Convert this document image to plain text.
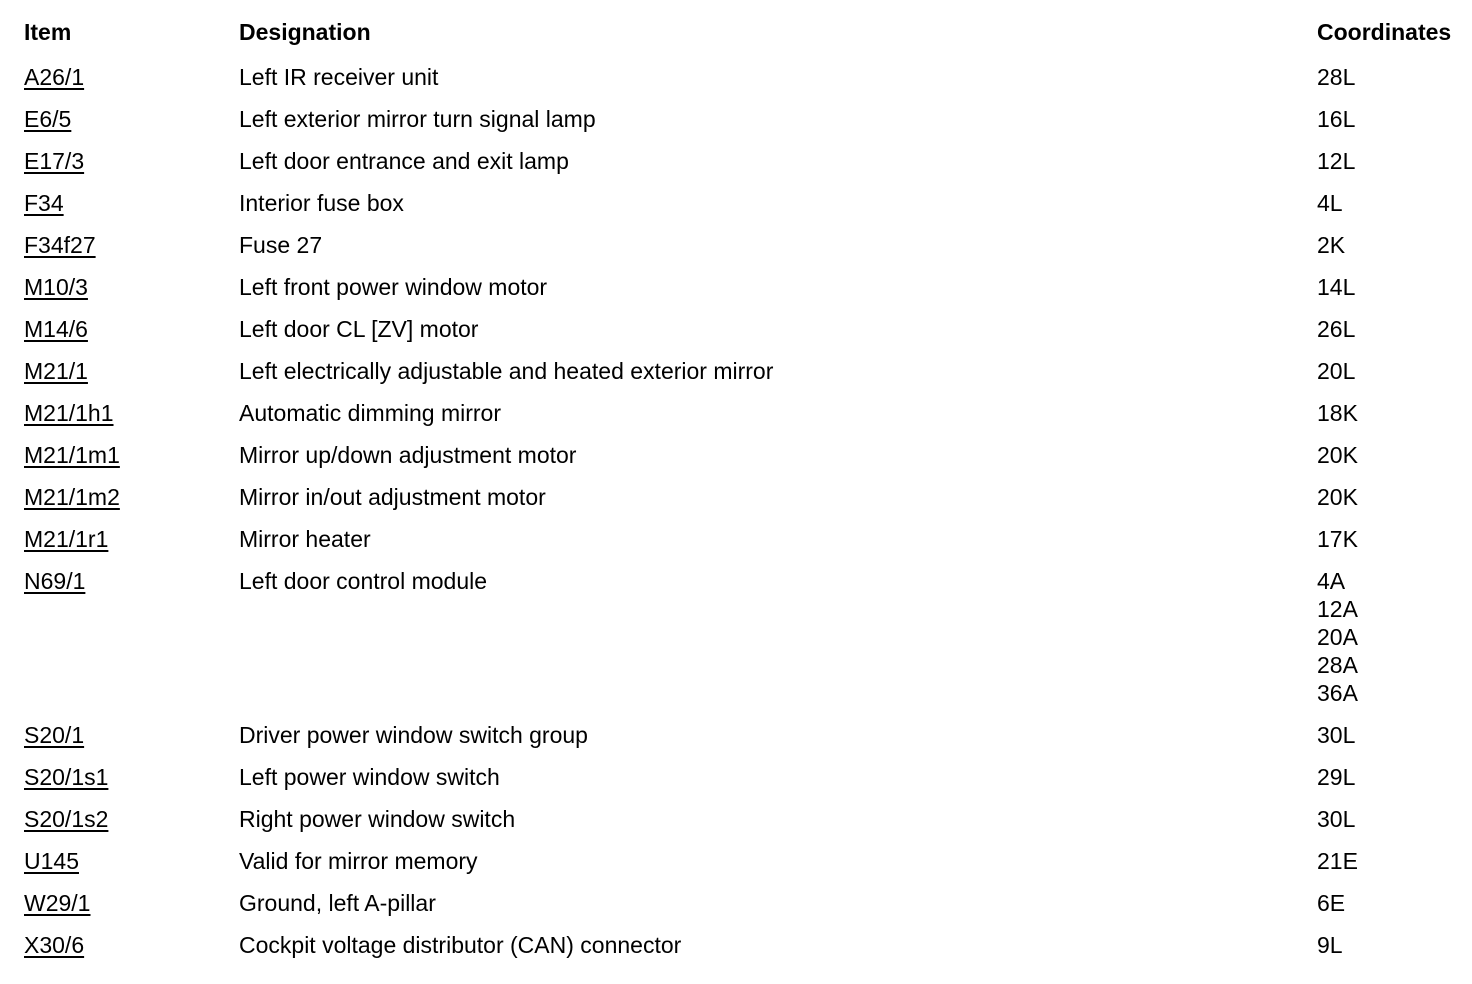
Item	Designation	Coordinates
A26/1	Left IR receiver unit	28L
E6/5	Left exterior mirror turn signal lamp	16L
E17/3	Left door entrance and exit lamp	12L
F34	Interior fuse box	4L
F34f27	Fuse 27	2K
M10/3	Left front power window motor	14L
M14/6	Left door CL [ZV] motor	26L
M21/1	Left electrically adjustable and heated exterior mirror	20L
M21/1h1	Automatic dimming mirror	18K
M21/1m1	Mirror up/down adjustment motor	20K
M21/1m2	Mirror in/out adjustment motor	20K
M21/1r1	Mirror heater	17K
N69/1	Left door control module	4A
12A
20A
28A
36A
S20/1	Driver power window switch group	30L
S20/1s1	Left power window switch	29L
S20/1s2	Right power window switch	30L
U145	Valid for mirror memory	21E
W29/1	Ground, left A-pillar	6E
X30/6	Cockpit voltage distributor (CAN) connector	9L
